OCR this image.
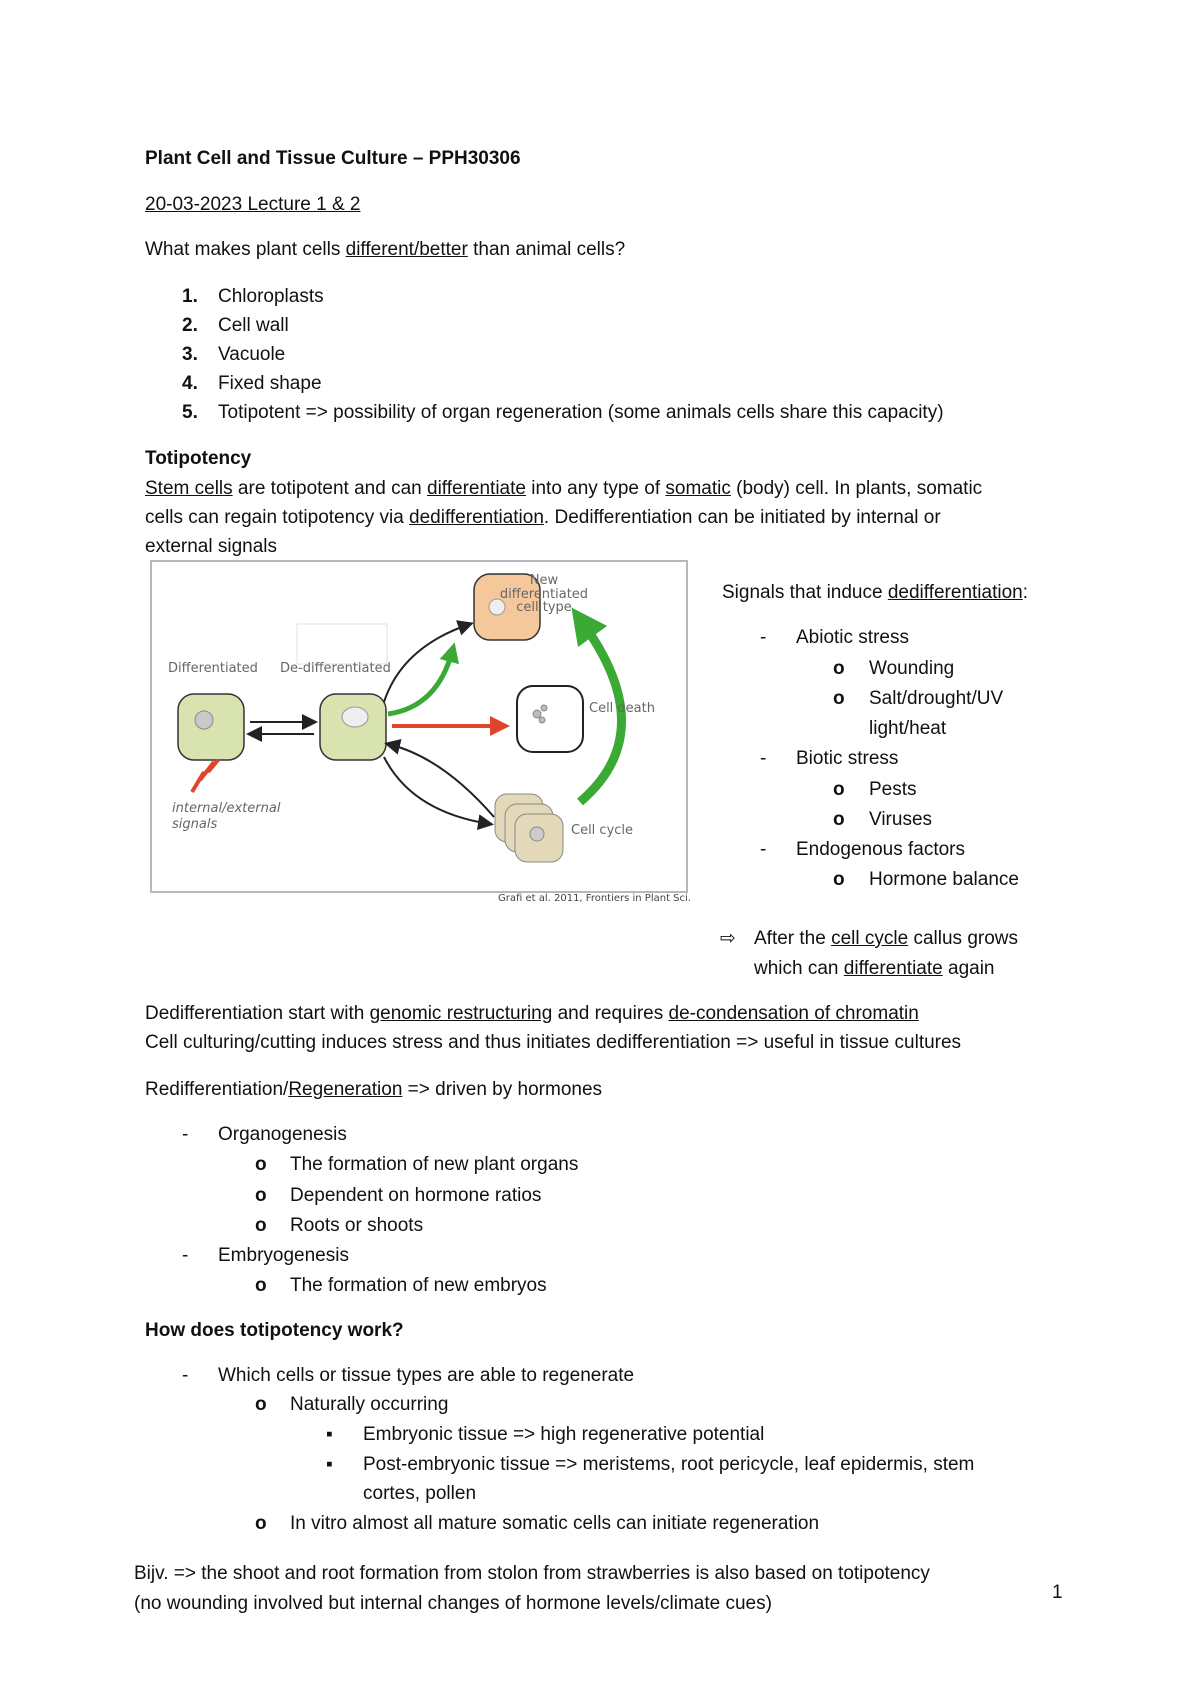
Plant Cell and Tissue Culture – PPH30306
20-03-2023 Lecture 1 & 2
What makes plant cells different/better than animal cells?
1. Chloroplasts
2. Cell wall
3. Vacuole
4. Fixed shape
5. Totipotent => possibility of organ regeneration (some animals cells share this capacity)
Totipotency
Stem cells are totipotent and can differentiate into any type of somatic (body) cell. In plants, somatic
cells can regain totipotency via dedifferentiation. Dedifferentiation can be initiated by internal or
external signals
New
differentiated
cell type
Differentiated De-differentiated
Cell death
Cell cycle
internal/external
signals
Grafi et al. 2011, Frontiers in Plant Sci.
Signals that induce dedifferentiation:
- Abiotic stress
o Wounding
o Salt/drought/UV
light/heat
- Biotic stress
o Pests
o Viruses
- Endogenous factors
o Hormone balance
⇨ After the cell cycle callus grows
which can differentiate again
Dedifferentiation start with genomic restructuring and requires de-condensation of chromatin
Cell culturing/cutting induces stress and thus initiates dedifferentiation => useful in tissue cultures
Redifferentiation/Regeneration => driven by hormones
- Organogenesis
o The formation of new plant organs
o Dependent on hormone ratios
o Roots or shoots
- Embryogenesis
o The formation of new embryos
How does totipotency work?
- Which cells or tissue types are able to regenerate
o Naturally occurring
▪ Embryonic tissue => high regenerative potential
▪ Post-embryonic tissue => meristems, root pericycle, leaf epidermis, stem
cortes, pollen
o In vitro almost all mature somatic cells can initiate regeneration
Bijv. => the shoot and root formation from stolon from strawberries is also based on totipotency
(no wounding involved but internal changes of hormone levels/climate cues)
1
